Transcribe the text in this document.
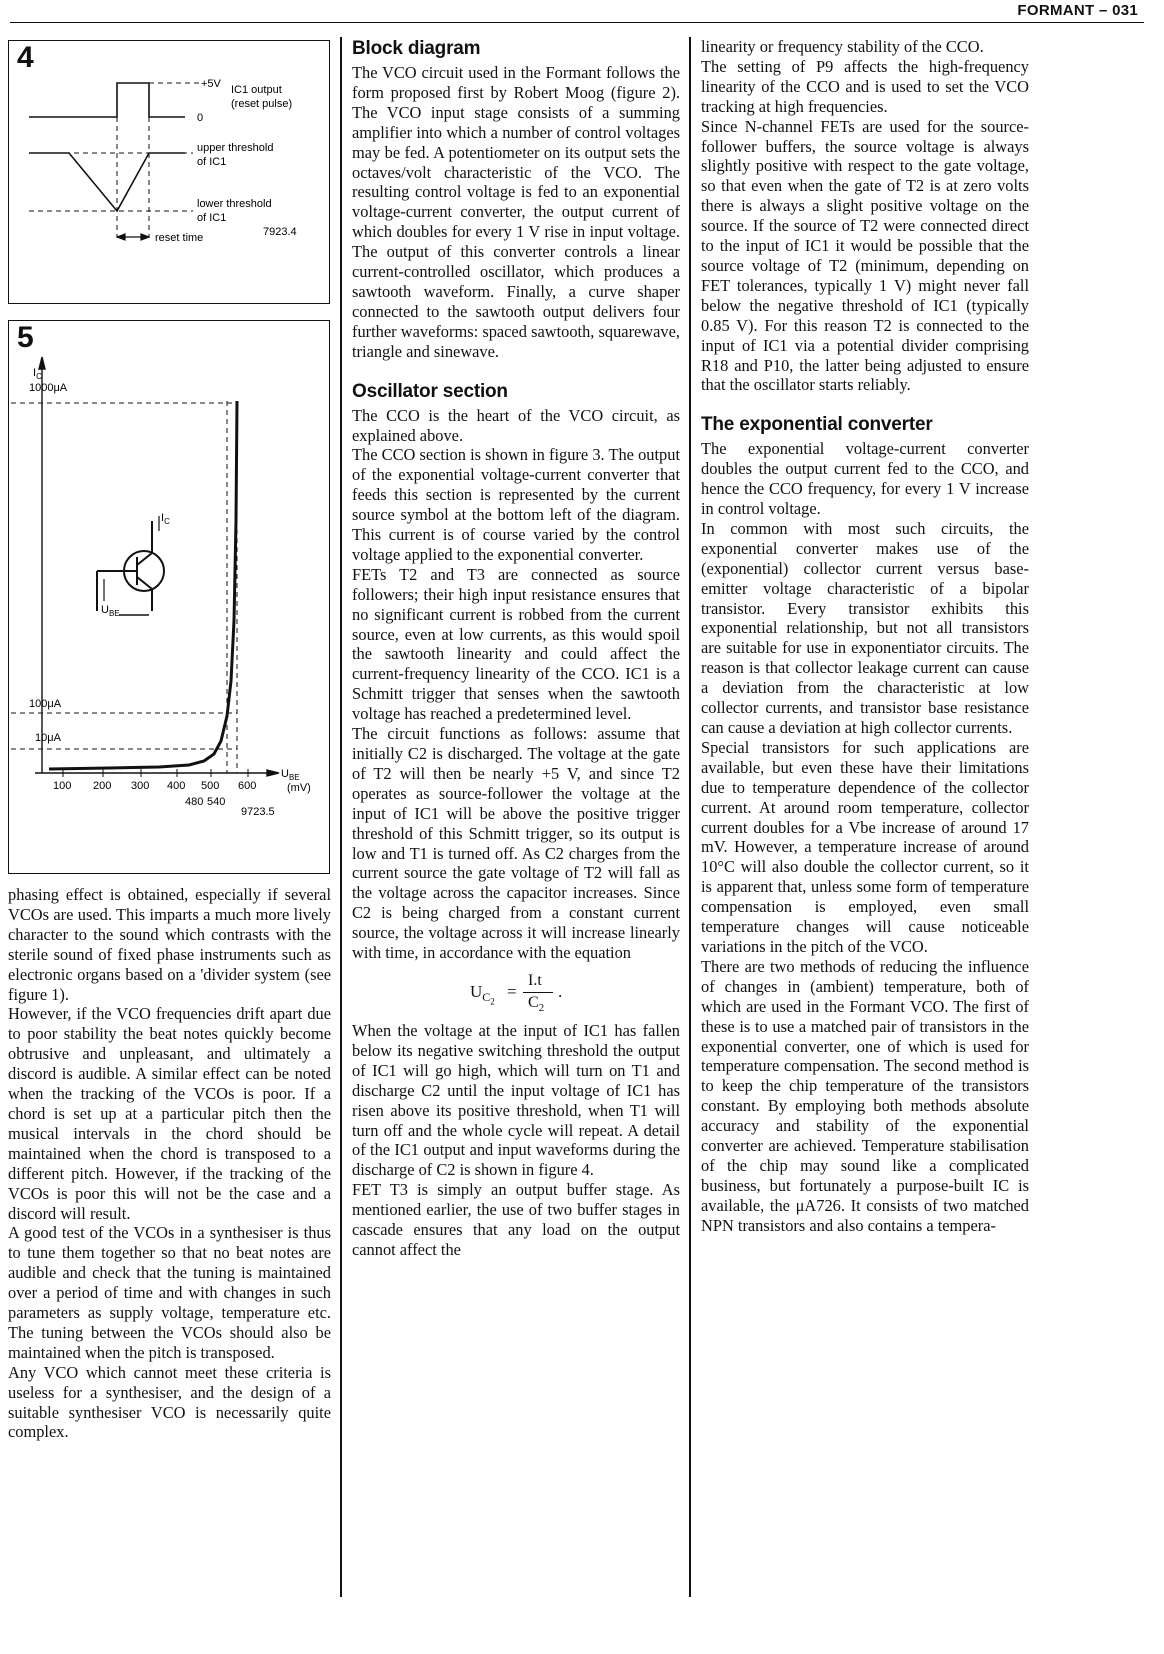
FORMANT – 031
4
+5V IC1 output
(reset pulse)
0
upper threshold
of IC1
lower threshold
of IC1
reset time	7923.4
5
$I_C$
1000μA
100μA
10μA
$I_C$
$U_{BE}$
$U_{BE}$
(mV)
9723.5
100 200 300 400 500 600
480 540

phasing effect is obtained, especially if several VCOs are used. This imparts a much more lively character to the sound which contrasts with the sterile sound of fixed phase instruments such as electronic organs based on a 'divider system (see figure 1).

However, if the VCO frequencies drift apart due to poor stability the beat notes quickly become obtrusive and unpleasant, and ultimately a discord is audible. A similar effect can be noted when the tracking of the VCOs is poor. If a chord is set up at a particular pitch then the musical intervals in the chord should be maintained when the chord is transposed to a different pitch. However, if the tracking of the VCOs is poor this will not be the case and a discord will result.

A good test of the VCOs in a synthesiser is thus to tune them together so that no beat notes are audible and check that the tuning is maintained over a period of time and with changes in such parameters as supply voltage, temperature etc. The tuning between the VCOs should also be maintained when the pitch is transposed.

Any VCO which cannot meet these criteria is useless for a synthesiser, and the design of a suitable synthesiser VCO is necessarily quite complex.

Block diagram

The VCO circuit used in the Formant follows the form proposed first by Robert Moog (figure 2). The VCO input stage consists of a summing amplifier into which a number of control voltages may be fed. A potentiometer on its output sets the octaves/volt characteristic of the VCO. The resulting control voltage is fed to an exponential voltage-current converter, the output current of which doubles for every 1 V rise in input voltage. The output of this converter controls a linear current-controlled oscillator, which produces a sawtooth waveform. Finally, a curve shaper connected to the sawtooth output delivers four further waveforms: spaced sawtooth, squarewave, triangle and sinewave.

Oscillator section

The CCO is the heart of the VCO circuit, as explained above.

The CCO section is shown in figure 3. The output of the exponential voltage-current converter that feeds this section is represented by the current source symbol at the bottom left of the diagram. This current is of course varied by the control voltage applied to the exponential converter.

FETs T2 and T3 are connected as source followers; their high input resistance ensures that no significant current is robbed from the current source, even at low currents, as this would spoil the sawtooth linearity and could affect the current-frequency linearity of the CCO. IC1 is a Schmitt trigger that senses when the sawtooth voltage has reached a predetermined level.

The circuit functions as follows: assume that initially C2 is discharged. The voltage at the gate of T2 will then be nearly +5 V, and since T2 operates as source-follower the voltage at the input of IC1 will be above the positive trigger threshold of this Schmitt trigger, so its output is low and T1 is turned off. As C2 charges from the current source the gate voltage of T2 will fall as the voltage across the capacitor increases. Since C2 is being charged from a constant current source, the voltage across it will increase linearly with time, in accordance with the equation

$U_{C_2}$
=
I.t
$C_2$
.

When the voltage at the input of IC1 has fallen below its negative switching threshold the output of IC1 will go high, which will turn on T1 and discharge C2 until the input voltage of IC1 has risen above its positive threshold, when T1 will turn off and the whole cycle will repeat. A detail of the IC1 output and input waveforms during the discharge of C2 is shown in figure 4.

FET T3 is simply an output buffer stage. As mentioned earlier, the use of two buffer stages in cascade ensures that any load on the output cannot affect the

linearity or frequency stability of the CCO.

The setting of P9 affects the high-frequency linearity of the CCO and is used to set the VCO tracking at high frequencies.

Since N-channel FETs are used for the source-follower buffers, the source voltage is always slightly positive with respect to the gate voltage, so that even when the gate of T2 is at zero volts there is always a slight positive voltage on the source. If the source of T2 were connected direct to the input of IC1 it would be possible that the source voltage of T2 (minimum, depending on FET tolerances, typically 1 V) might never fall below the negative threshold of IC1 (typically 0.85 V). For this reason T2 is connected to the input of IC1 via a potential divider comprising R18 and P10, the latter being adjusted to ensure that the oscillator starts reliably.

The exponential converter

The exponential voltage-current converter doubles the output current fed to the CCO, and hence the CCO frequency, for every 1 V increase in control voltage.

In common with most such circuits, the exponential converter makes use of the (exponential) collector current versus base-emitter voltage characteristic of a bipolar transistor. Every transistor exhibits this exponential relationship, but not all transistors are suitable for use in exponentiator circuits. The reason is that collector leakage current can cause a deviation from the characteristic at low collector currents, and transistor base resistance can cause a deviation at high collector currents.

Special transistors for such applications are available, but even these have their limitations due to temperature dependence of the collector current. At around room temperature, collector current doubles for a Vbe increase of around 17 mV. However, a temperature increase of around 10°C will also double the collector current, so it is apparent that, unless some form of temperature compensation is employed, even small temperature changes will cause noticeable variations in the pitch of the VCO.

There are two methods of reducing the influence of changes in (ambient) temperature, both of which are used in the Formant VCO. The first of these is to use a matched pair of transistors in the exponential converter, one of which is used for temperature compensation. The second method is to keep the chip temperature of the transistors constant. By employing both methods absolute accuracy and stability of the exponential converter are achieved. Temperature stabilisation of the chip may sound like a complicated business, but fortunately a purpose-built IC is available, the μA726. It consists of two matched NPN transistors and also contains a tempera-
